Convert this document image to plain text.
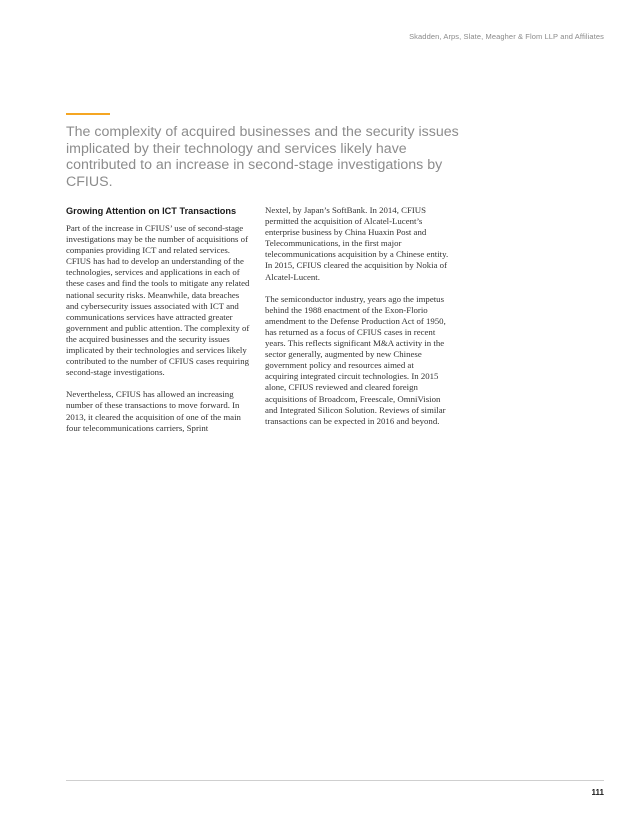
Skadden, Arps, Slate, Meagher & Flom LLP and Affiliates

The complexity of acquired businesses and the security issues implicated by their technology and services likely have contributed to an increase in second-stage investigations by CFIUS.

Growing Attention on ICT Transactions

Part of the increase in CFIUS’ use of second-stage investigations may be the number of acquisitions of companies providing ICT and related services. CFIUS has had to develop an understanding of the technologies, services and applications in each of these cases and find the tools to mitigate any related national security risks. Meanwhile, data breaches and cybersecurity issues associated with ICT and communications services have attracted greater government and public attention. The complexity of the acquired businesses and the security issues implicated by their technologies and services likely contributed to the number of CFIUS cases requiring second-stage investigations.

Nevertheless, CFIUS has allowed an increasing number of these transactions to move forward. In 2013, it cleared the acquisition of one of the main four telecommunications carriers, Sprint

Nextel, by Japan’s SoftBank. In 2014, CFIUS permitted the acquisition of Alcatel-Lucent’s enterprise business by China Huaxin Post and Telecommunications, in the first major telecommunications acquisition by a Chinese entity. In 2015, CFIUS cleared the acquisition by Nokia of Alcatel-Lucent.

The semiconductor industry, years ago the impetus behind the 1988 enactment of the Exon-Florio amendment to the Defense Production Act of 1950, has returned as a focus of CFIUS cases in recent years. This reflects significant M&A activity in the sector generally, augmented by new Chinese government policy and resources aimed at acquiring integrated circuit technologies. In 2015 alone, CFIUS reviewed and cleared foreign acquisitions of Broadcom, Freescale, OmniVision and Integrated Silicon Solution. Reviews of similar transactions can be expected in 2016 and beyond.

111
